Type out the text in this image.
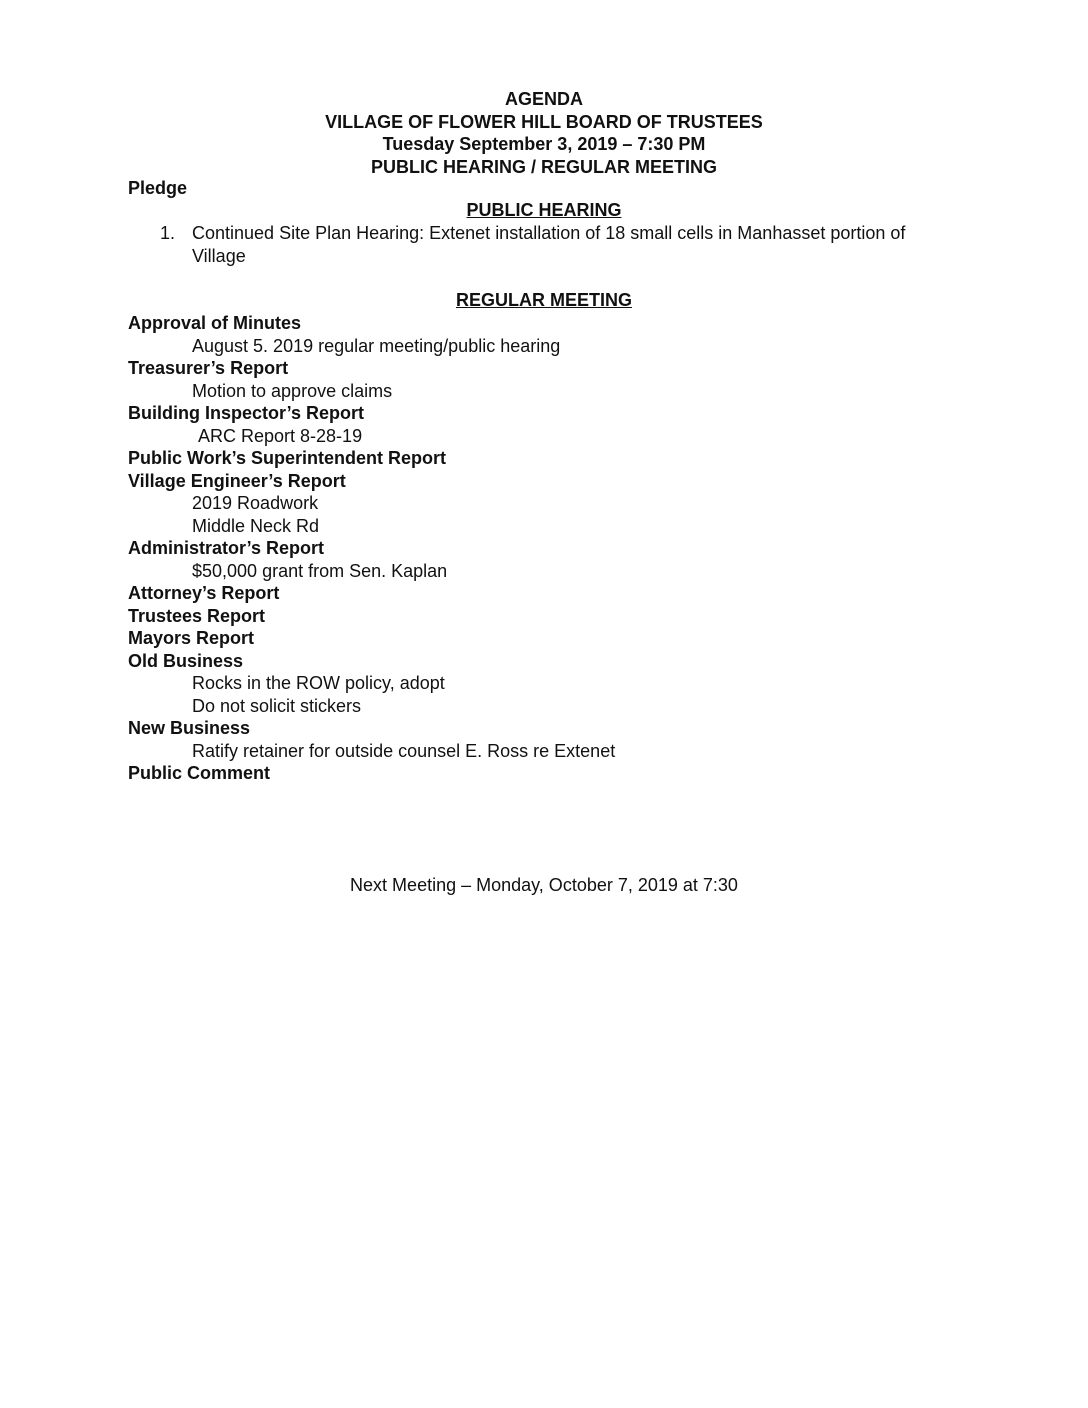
AGENDA
VILLAGE OF FLOWER HILL BOARD OF TRUSTEES
Tuesday September 3, 2019 – 7:30 PM
PUBLIC HEARING / REGULAR MEETING
Pledge
PUBLIC HEARING
1. Continued Site Plan Hearing: Extenet installation of 18 small cells in Manhasset portion of Village
REGULAR MEETING
Approval of Minutes
August 5. 2019 regular meeting/public hearing
Treasurer’s Report
Motion to approve claims
Building Inspector’s Report
ARC Report 8-28-19
Public Work’s Superintendent Report
Village Engineer’s Report
2019 Roadwork
Middle Neck Rd
Administrator’s Report
$50,000 grant from Sen. Kaplan
Attorney’s Report
Trustees Report
Mayors Report
Old Business
Rocks in the ROW policy, adopt
Do not solicit stickers
New Business
Ratify retainer for outside counsel E. Ross re Extenet
Public Comment
Next Meeting – Monday, October 7, 2019 at 7:30
